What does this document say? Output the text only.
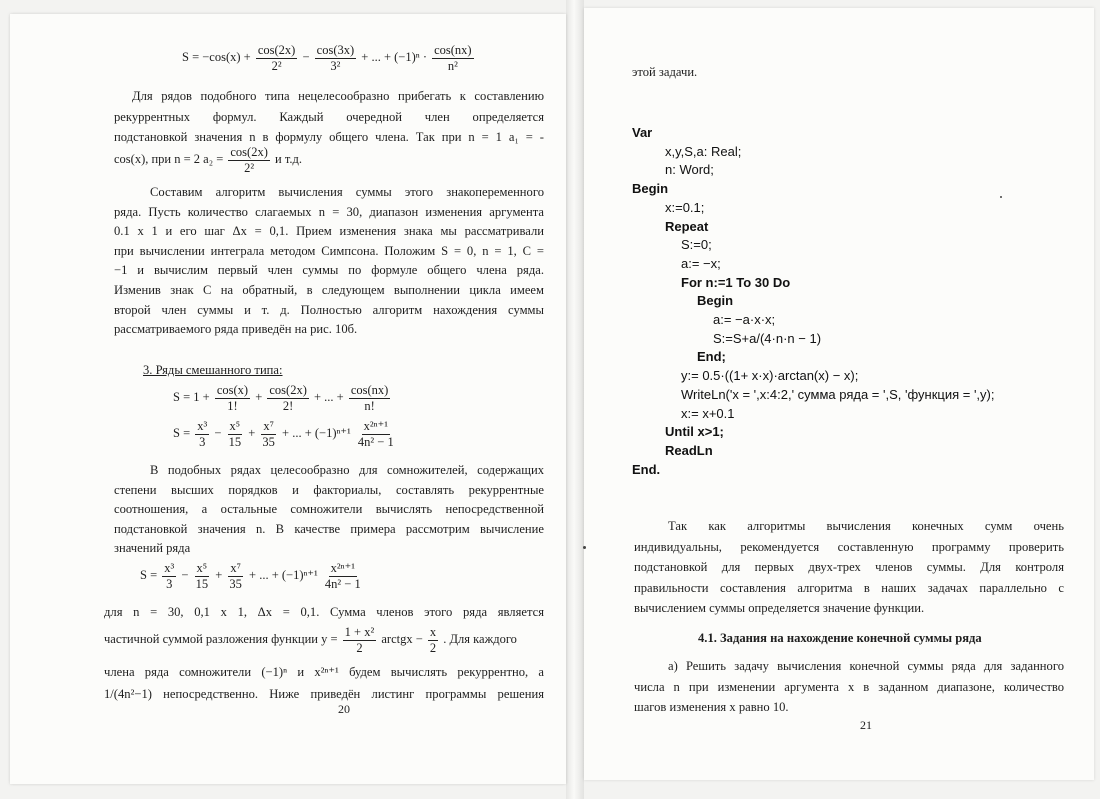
$S = -\cos(x) + \frac{\cos(2x)}{\text{2²}} - \frac{\cos(3x)}{\text{3²}}$ + ... + $(-1)^n \cdot \frac{\cos(nx)}{\text{n²}}$
Для рядов подобного типа нецелесообразно прибегать к составлению
рекуррентных формул. Каждый очередной член определяется
подстановкой значения n в формулу общего члена. Так при n = 1 a₁ = -
cos(x), при n = 2 $a_2 = \frac{\cos(2x)}{\text{2²}}$ и т.д.
Составим алгоритм вычисления суммы этого знакопеременного
ряда. Пусть количество слагаемых n = 30, диапазон изменения аргумента
0.1 x 1 и его шаг Δx = 0,1. Прием изменения знака мы рассматривали
при вычислении интеграла методом Симпсона. Положим S = 0, n = 1, C =
−1 и вычислим первый член суммы по формуле общего члена ряда.
Изменив знак C на обратный, в следующем выполнении цикла имеем
второй член суммы и т. д. Полностью алгоритм нахождения суммы
рассматриваемого ряда приведён на рис. 10б.
3. Ряды смешанного типа:
$S = 1 + \frac{\cos(x)}{1!} + \frac{\cos(2x)}{2!}$ + ... + $\frac{\cos(nx)}{n!}$
$S = \frac{\text{x³}}{3} - \frac{\text{x⁵}}{15} + \frac{\text{x⁷}}{35}$ + ... + $(-1)^{n+1} \frac{\text{x²ⁿ⁺¹}}{\text{4n² − 1}}$
В подобных рядах целесообразно для сомножителей, содержащих
степени высших порядков и факториалы, составлять рекуррентные
соотношения, а остальные сомножители вычислять непосредственной
подстановкой значения n. В качестве примера рассмотрим вычисление
значений ряда
$S = \frac{\text{x³}}{3} - \frac{\text{x⁵}}{15} + \frac{\text{x⁷}}{35}$ + ... + $(-1)^{n+1} \frac{\text{x²ⁿ⁺¹}}{\text{4n² − 1}}$
для n = 30, 0,1 x 1, Δx = 0,1. Сумма членов этого ряда является
частичной суммой разложения функции $y = \frac{\text{1 + x²}}{2}$ arctgx − $\frac{x}{2}$ . Для каждого
члена ряда сомножители (−1)ⁿ и x²ⁿ⁺¹ будем вычислять рекуррентно, а
1/(4n²−1) непосредственно. Ниже приведён листинг программы решения
20
этой задачи.
Так как алгоритмы вычисления конечных сумм очень
индивидуальны, рекомендуется составленную программу проверить
подстановкой для первых двух-трех членов суммы. Для контроля
правильности составления алгоритма в наших задачах параллельно с
вычислением суммы определяется значение функции.
4.1. Задания на нахождение конечной суммы ряда
а) Решить задачу вычисления конечной суммы ряда для заданного
числа n при изменении аргумента x в заданном диапазоне, количество
шагов изменения x равно 10.
21
Var
x,y,S,a: Real;
n: Word;
Begin
x:=0.1;
Repeat
S:=0;
a:= −x;
For n:=1 To 30 Do
Begin
a:= −a·x·x;
S:=S+a/(4·n·n − 1)
End;
y:= 0.5·((1+ x·x)·arctan(x) − x);
WriteLn('x = ',x:4:2,' сумма ряда = ',S, 'функция = ',y);
x:= x+0.1
Until x>1;
ReadLn
End.
